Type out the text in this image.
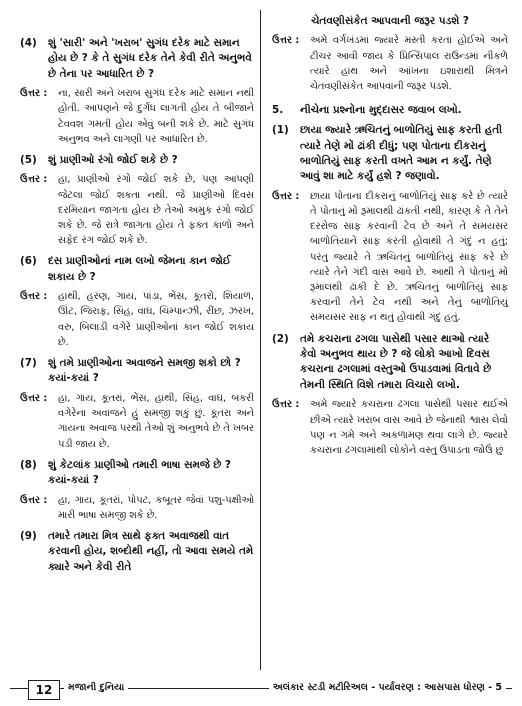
(4)	શું 'સારી' અને 'ખરાબ' સુગંધ દરેક માટે સમાન હોય છે ? કે તે સુગંધ દરેક તેને કેવી રીતે અનુભવે છે તેના પર આધારિત છે ?
ઉત્તર :	ના, સારી અને ખરાબ સુગંધ દરેક માટે સમાન નથી હોતી. આપણને જે દુર્ગંધ લાગતી હોય તે બીજાને ટેવવશ ગમતી હોય એવું બની શકે છે. માટે સુગંધ અનુભવ અને લાગણી પર આધારિત છે.
(5)	શું પ્રાણીઓ રંગો જોઈ શકે છે ?
ઉત્તર :	હા, પ્રાણીઓ રંગો જોઈ શકે છે, પણ આપણી જેટલા જોઈ શકતા નથી. જે પ્રાણીઓ દિવસ દરમિયાન જાગતા હોય છે તેઓ અમુક રંગો જોઈ શકે છે. જે રાત્રે જાગતા હોય તે ફક્ત કાળો અને સફેદ રંગ જોઈ શકે છે.
(6)	દસ પ્રાણીઓનાં નામ લખો જેમના કાન જોઈ શકાય છે ?
ઉત્તર :	હાથી, હરણ, ગાય, પાંડા, ભેંસ, કૂતરો, શિયાળ, ઊંટ, જિરાફ, સિંહ, વાઘ, ચિમ્પાન્ઝી, રીંછ, ઝરખ, વરુ, બિલાડી વગેરે પ્રાણીઓનાં કાન જોઈ શકાય છે.
(7)	શું તમે પ્રાણીઓના અવાજને સમજી શકો છો ? કયાં-કયાં ?
ઉત્તર :	હા, ગાય, કૂતરાં, ભેંસ, હાથી, સિંહ, વાઘ, બકરી વગેરેના અવાજને હું સમજી શકું છું. કૂતરા અને ગાયના અવાજ પરથી તેઓ શું અનુભવે છે તે ખબર પડી જાય છે.
(8)	શું કેટલાંક પ્રાણીઓ તમારી ભાષા સમજે છે ? કયાં-કયાં ?
ઉત્તર :	હા, ગાય, કૂતરાં, પોપટ, કબૂતર જેવાં પશુ-પક્ષીઓ મારી ભાષા સમજી શકે છે.
(9)	તમારે તમારા મિત્ર સાથે ફક્ત અવાજથી વાત કરવાની હોય, શબ્દોથી નહીં, તો આવા સમયે તમે ક્યારે અને કેવી રીતે
ચેતવણીસંકેત આપવાની જરૂર પડશે ?
ઉત્તર :	અમે વર્ગખંડમાં જ્યારે મસ્તી કરતા હોઈએ અને ટીચર આવી જાય કે પ્રિન્સિપાલ રાઉન્ડમાં નીકળે ત્યારે હાથ અને આંખના ઇશારાથી મિત્રને ચેતવણીસંકેત આપવાની જરૂર પડશે.
5.	નીચેના પ્રશ્નોના મુદ્દાસર જવાબ લખો.
(1)	છાયા જ્યારે ઋચિતનું બાળોતિયું સાફ કરતી હતી ત્યારે તેણે મોં ઢાંકી દીધું; પણ પોતાના દીકરાનું બાળોતિયું સાફ કરતી વખતે આમ ન કર્યું. તેણે આવું શા માટે કર્યું હશે ? જણાવો.
ઉત્તર :	છાયા પોતાના દીકરાનું બાળોતિયું સાફ કરે છે ત્યારે તે પોતાનું મોં રૂમાલથી ઢાંકતી નથી, કારણ કે તે તેને દરરોજ સાફ કરવાની ટેવ છે અને તે સમયસર બાળોતિયાને સાફ કરતી હોવાથી તે ગંદું ન હતું; પરંતુ જ્યારે તે ઋચિતનું બાળોતિયું સાફ કરે છે ત્યારે તેને ગંદી વાસ આવે છે. આથી તે પોતાનું મોં રૂમાલથી ઢાંકી દે છે. ઋચિતનું બાળોતિયું સાફ કરવાની તેને ટેવ નથી અને તેનું બાળોતિયું સમયસર સાફ ન થતું હોવાથી ગંદું હતું.
(2)	તમે કચરાના ઢગલા પાસેથી પસાર થાઓ ત્યારે કેવો અનુભવ થાય છે ? જે લોકો આખો દિવસ કચરાના ઢગલામાં વસ્તુઓ ઉપાડવામાં વિતાવે છે તેમની સ્થિતિ વિશે તમારા વિચારો લખો.
ઉત્તર :	અમે જ્યારે કચરાના ઢગલા પાસેથી પસાર થઈએ છીએ ત્યારે ખરાબ વાસ આવે છે જેનાથી શ્વાસ લેવો પણ ન ગમે અને અકળામણ થવા લાગે છે. જ્યારે કચરાના ઢગલામાંથી લોકોને વસ્તુ ઉપાડતા જોઉં છું
12	મજાની દુનિયા	અલંકાર સ્ટડી મટીરિઅલ - પર્યાવરણ : આસપાસ ધોરણ - 5
